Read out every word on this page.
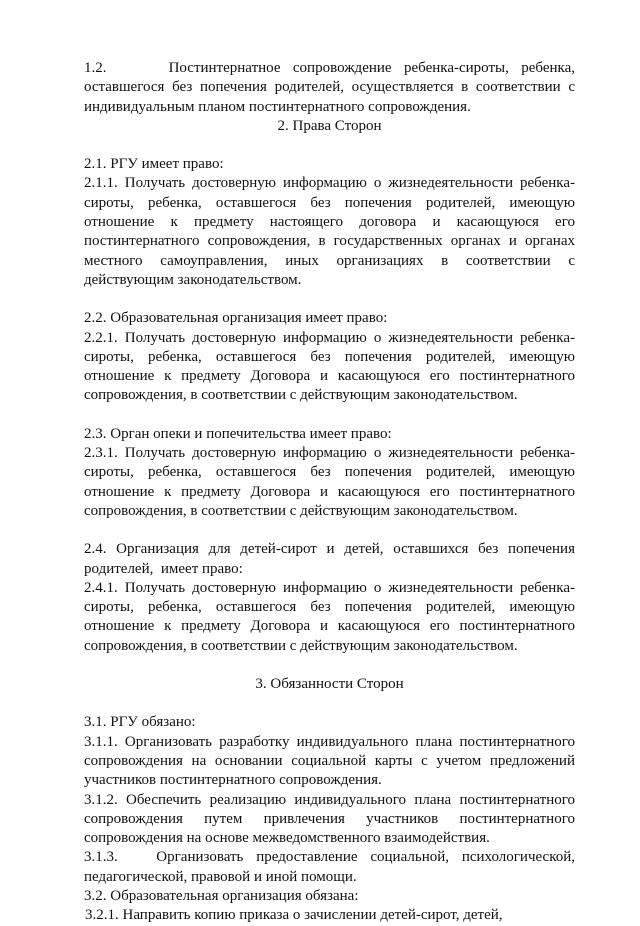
1.2.     Постинтернатное сопровождение ребенка-сироты, ребенка, оставшегося без попечения родителей, осуществляется в соответствии с индивидуальным планом постинтернатного сопровождения.

2. Права Сторон

2.1. РГУ имеет право:

2.1.1. Получать достоверную информацию о жизнедеятельности ребенка-сироты, ребенка, оставшегося без попечения родителей, имеющую отношение к предмету настоящего договора и касающуюся его постинтернатного сопровождения, в государственных органах и органах местного самоуправления, иных организациях в соответствии с действующим законодательством.

2.2. Образовательная организация имеет право:

2.2.1. Получать достоверную информацию о жизнедеятельности ребенка-сироты, ребенка, оставшегося без попечения родителей, имеющую отношение к предмету Договора и касающуюся его постинтернатного сопровождения, в соответствии с действующим законодательством.

2.3. Орган опеки и попечительства имеет право:

2.3.1. Получать достоверную информацию о жизнедеятельности ребенка-сироты, ребенка, оставшегося без попечения родителей, имеющую отношение к предмету Договора и касающуюся его постинтернатного сопровождения, в соответствии с действующим законодательством.

2.4. Организация для детей-сирот и детей, оставшихся без попечения родителей,  имеет право:

2.4.1. Получать достоверную информацию о жизнедеятельности ребенка-сироты, ребенка, оставшегося без попечения родителей, имеющую отношение к предмету Договора и касающуюся его постинтернатного сопровождения, в соответствии с действующим законодательством.

3. Обязанности Сторон

3.1. РГУ обязано:

3.1.1. Организовать разработку индивидуального плана постинтернатного сопровождения на основании социальной карты с учетом предложений участников постинтернатного сопровождения.

3.1.2. Обеспечить реализацию индивидуального плана постинтернатного сопровождения путем привлечения участников постинтернатного сопровождения на основе межведомственного взаимодействия.

3.1.3.   Организовать предоставление социальной, психологической, педагогической, правовой и иной помощи.

3.2. Образовательная организация обязана:

3.2.1. Направить копию приказа о зачислении детей-сирот, детей,
